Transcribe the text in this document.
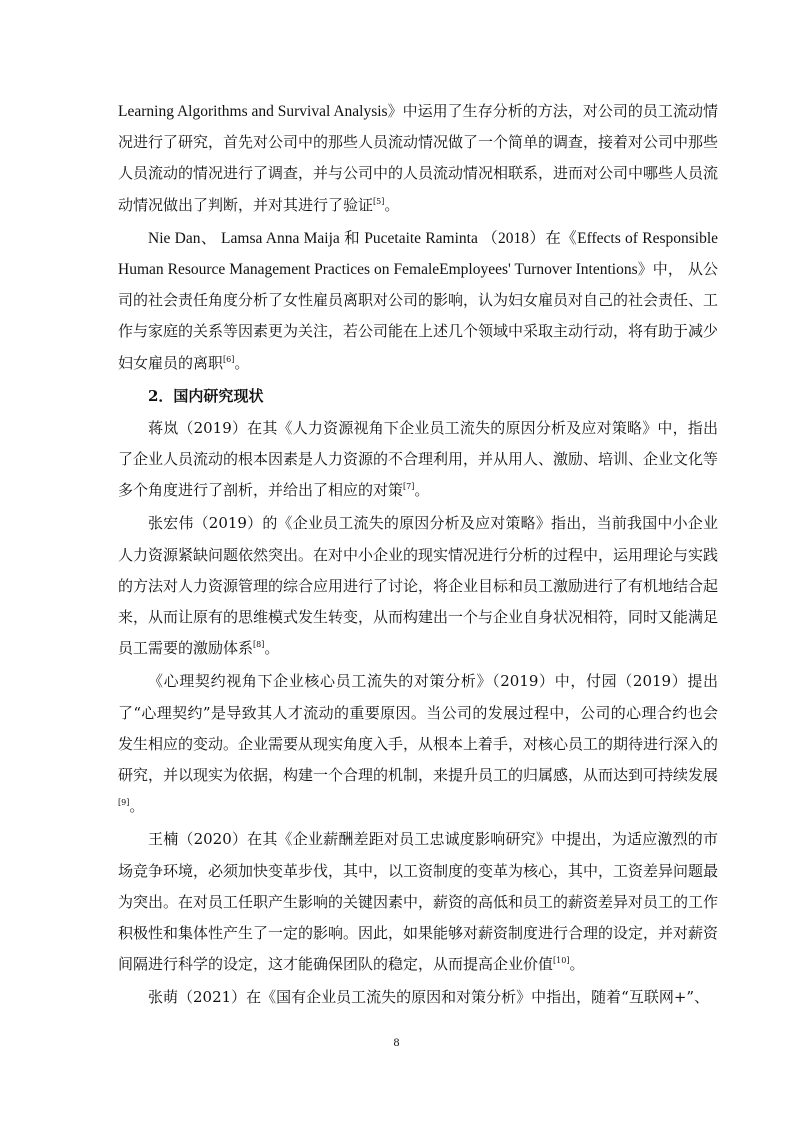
Learning Algorithms and Survival Analysis》中运用了生存分析的方法，对公司的员工流动情况进行了研究，首先对公司中的那些人员流动情况做了一个简单的调查，接着对公司中那些人员流动的情况进行了调查，并与公司中的人员流动情况相联系，进而对公司中哪些人员流动情况做出了判断，并对其进行了验证[5]。

Nie Dan、 Lamsa Anna Maija 和 Pucetaite Raminta （2018）在《Effects of Responsible Human Resource Management Practices on FemaleEmployees' Turnover Intentions》中， 从公司的社会责任角度分析了女性雇员离职对公司的影响，认为妇女雇员对自己的社会责任、工作与家庭的关系等因素更为关注，若公司能在上述几个领域中采取主动行动，将有助于减少妇女雇员的离职[6]。

2．国内研究现状

蒋岚（2019）在其《人力资源视角下企业员工流失的原因分析及应对策略》中，指出了企业人员流动的根本因素是人力资源的不合理利用，并从用人、激励、培训、企业文化等多个角度进行了剖析，并给出了相应的对策[7]。

张宏伟（2019）的《企业员工流失的原因分析及应对策略》指出，当前我国中小企业人力资源紧缺问题依然突出。在对中小企业的现实情况进行分析的过程中，运用理论与实践的方法对人力资源管理的综合应用进行了讨论，将企业目标和员工激励进行了有机地结合起来，从而让原有的思维模式发生转变，从而构建出一个与企业自身状况相符，同时又能满足员工需要的激励体系[8]。

《心理契约视角下企业核心员工流失的对策分析》（2019）中，付园（2019）提出了“心理契约”是导致其人才流动的重要原因。当公司的发展过程中，公司的心理合约也会发生相应的变动。企业需要从现实角度入手，从根本上着手，对核心员工的期待进行深入的研究，并以现实为依据，构建一个合理的机制，来提升员工的归属感，从而达到可持续发展[9]。

王楠（2020）在其《企业薪酬差距对员工忠诚度影响研究》中提出，为适应激烈的市场竞争环境，必须加快变革步伐，其中，以工资制度的变革为核心，其中，工资差异问题最为突出。在对员工任职产生影响的关键因素中，薪资的高低和员工的薪资差异对员工的工作积极性和集体性产生了一定的影响。因此，如果能够对薪资制度进行合理的设定，并对薪资间隔进行科学的设定，这才能确保团队的稳定，从而提高企业价值[10]。

张萌（2021）在《国有企业员工流失的原因和对策分析》中指出，随着“互联网+”、

8
